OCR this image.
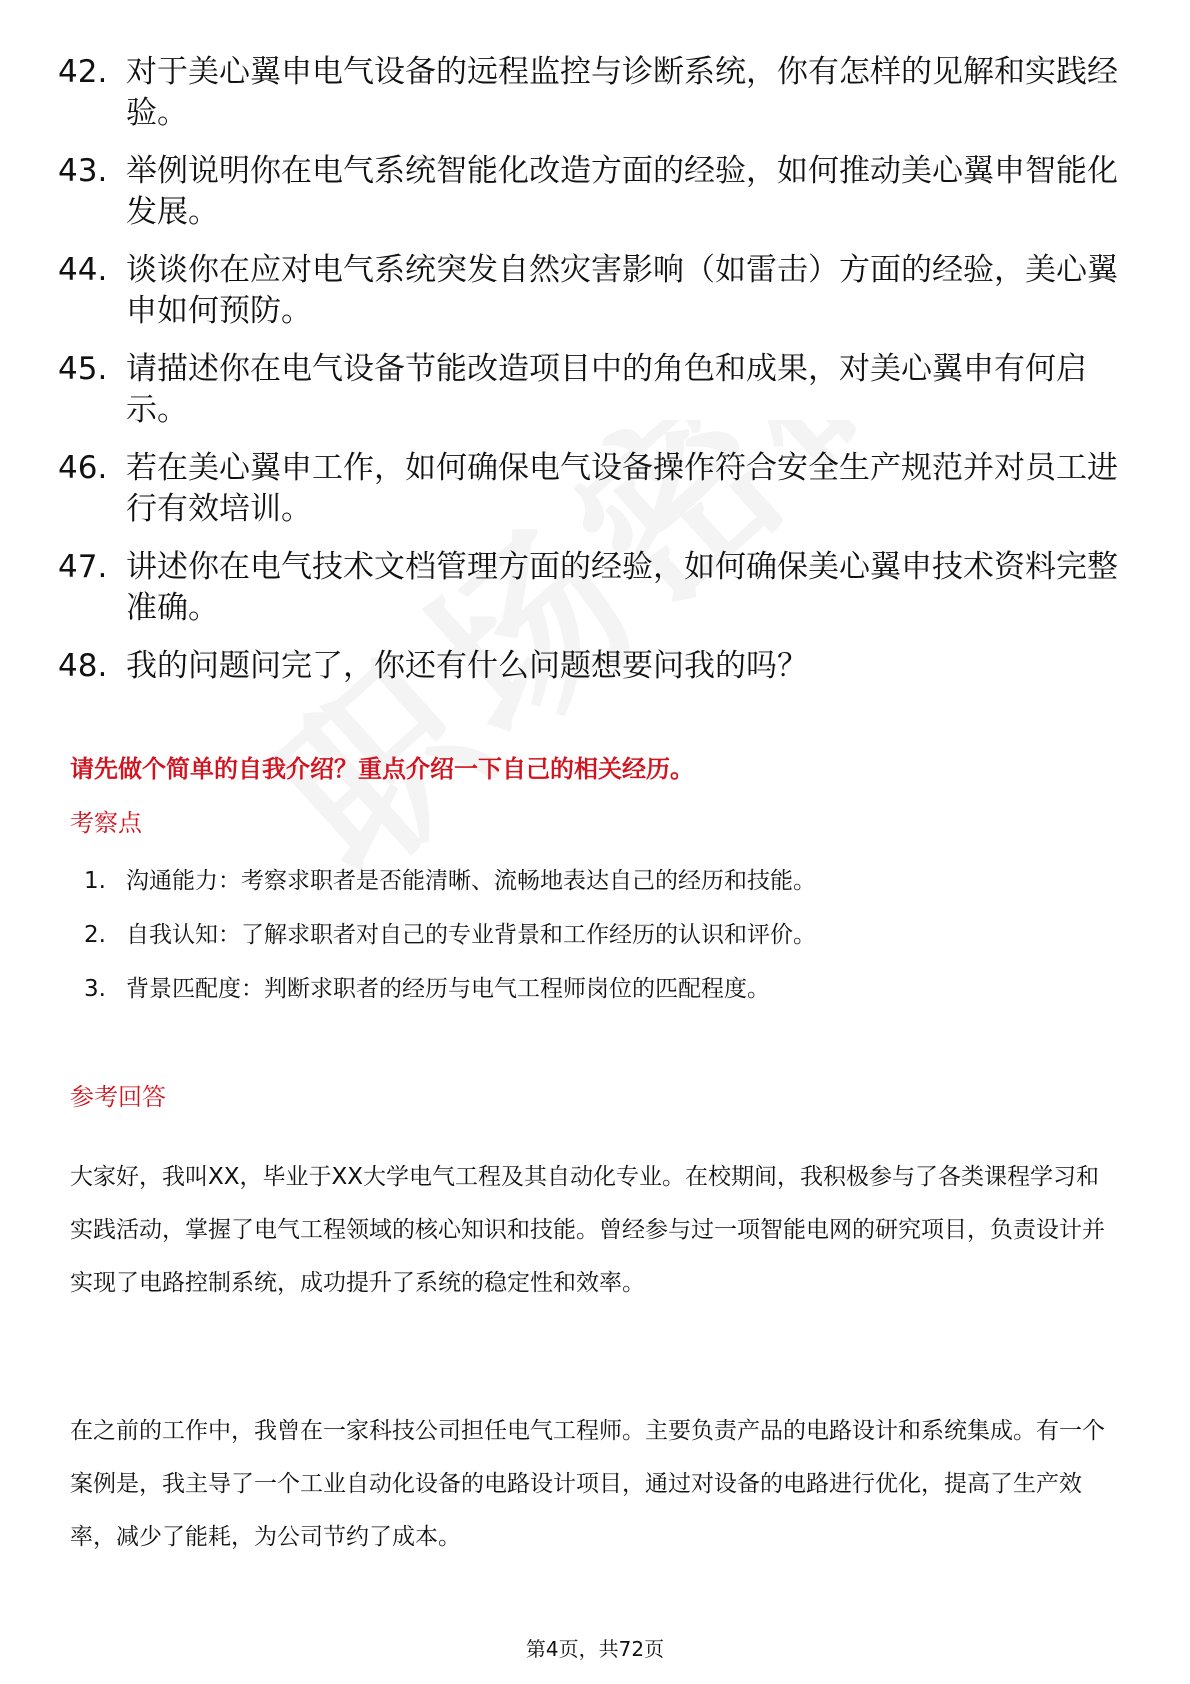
42. 对于美心翼申电气设备的远程监控与诊断系统，你有怎样的见解和实践经验。
43. 举例说明你在电气系统智能化改造方面的经验，如何推动美心翼申智能化发展。
44. 谈谈你在应对电气系统突发自然灾害影响（如雷击）方面的经验，美心翼申如何预防。
45. 请描述你在电气设备节能改造项目中的角色和成果，对美心翼申有何启示。
46. 若在美心翼申工作，如何确保电气设备操作符合安全生产规范并对员工进行有效培训。
47. 讲述你在电气技术文档管理方面的经验，如何确保美心翼申技术资料完整准确。
48. 我的问题问完了，你还有什么问题想要问我的吗？
请先做个简单的自我介绍？重点介绍一下自己的相关经历。
考察点
1. 沟通能力：考察求职者是否能清晰、流畅地表达自己的经历和技能。
2. 自我认知：了解求职者对自己的专业背景和工作经历的认识和评价。
3. 背景匹配度：判断求职者的经历与电气工程师岗位的匹配程度。
参考回答
大家好，我叫XX，毕业于XX大学电气工程及其自动化专业。在校期间，我积极参与了各类课程学习和实践活动，掌握了电气工程领域的核心知识和技能。曾经参与过一项智能电网的研究项目，负责设计并实现了电路控制系统，成功提升了系统的稳定性和效率。
在之前的工作中，我曾在一家科技公司担任电气工程师。主要负责产品的电路设计和系统集成。有一个案例是，我主导了一个工业自动化设备的电路设计项目，通过对设备的电路进行优化，提高了生产效率，减少了能耗，为公司节约了成本。
第4页，共72页
